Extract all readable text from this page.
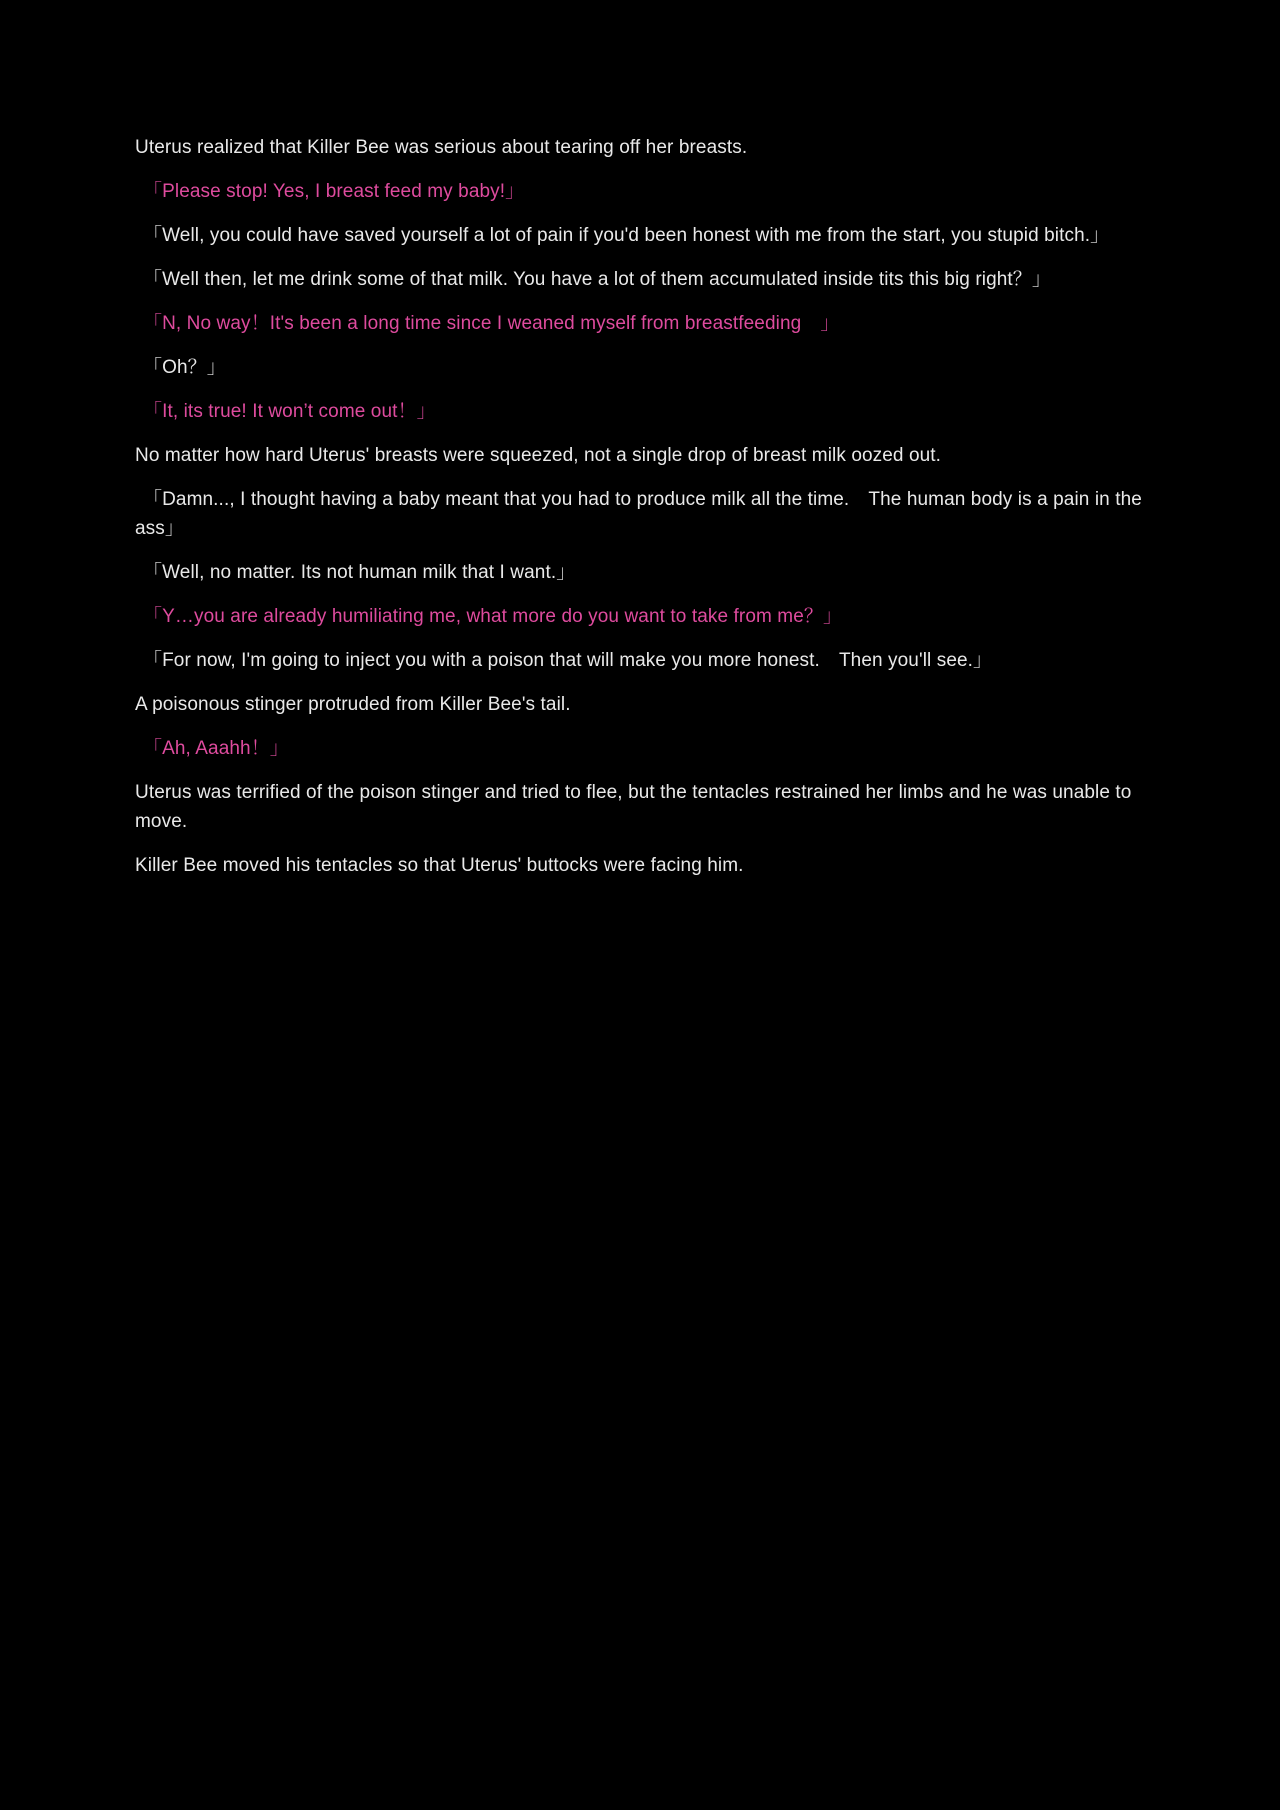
Uterus realized that Killer Bee was serious about tearing off her breasts.

「Please stop! Yes, I breast feed my baby!」

「Well, you could have saved yourself a lot of pain if you'd been honest with me from the start, you stupid bitch.」

「Well then, let me drink some of that milk. You have a lot of them accumulated inside tits this big right？」

「N, No way！It's been a long time since I weaned myself from breastfeeding　」

「Oh？」

「It, its true! It won’t come out！」

No matter how hard Uterus' breasts were squeezed, not a single drop of breast milk oozed out.

「Damn..., I thought having a baby meant that you had to produce milk all the time.　The human body is a pain in the ass」

「Well, no matter. Its not human milk that I want.」

「Y…you are already humiliating me, what more do you want to take from me？」

「For now, I'm going to inject you with a poison that will make you more honest.　Then you'll see.」

A poisonous stinger protruded from Killer Bee's tail.

「Ah, Aaahh！」

Uterus was terrified of the poison stinger and tried to flee, but the tentacles restrained her limbs and he was unable to move.

Killer Bee moved his tentacles so that Uterus' buttocks were facing him.
